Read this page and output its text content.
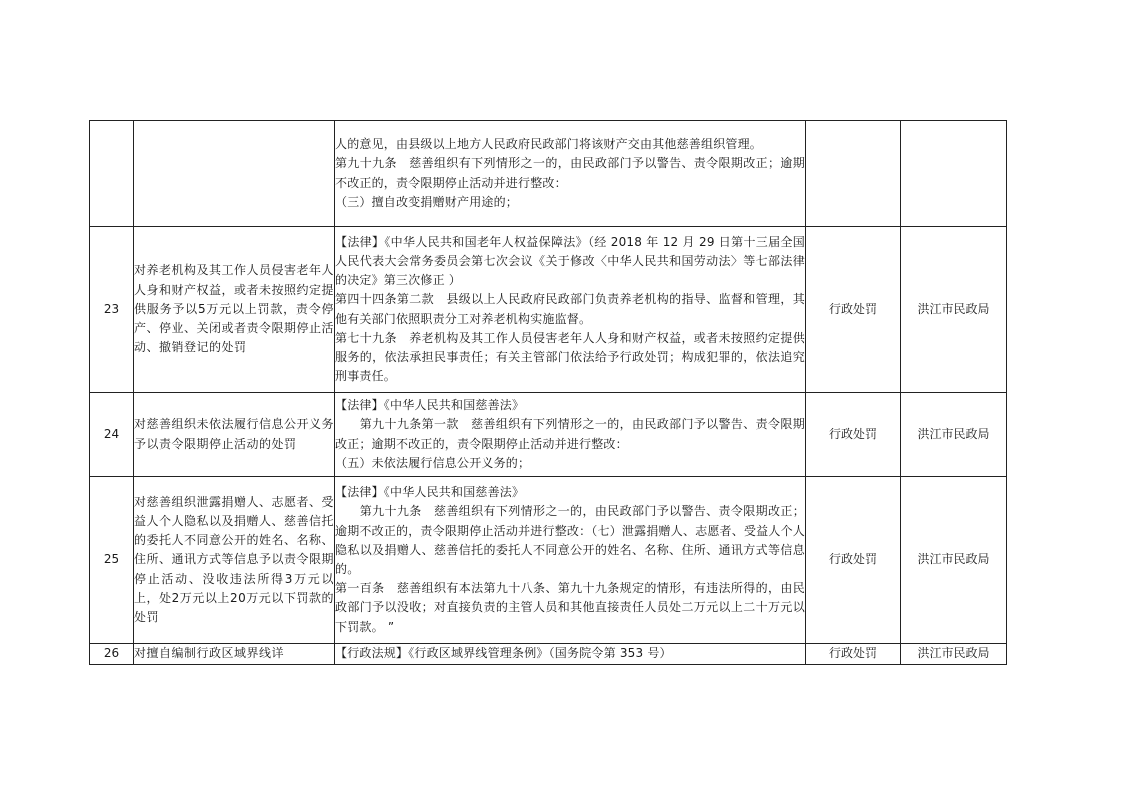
		人的意见，由县级以上地方人民政府民政部门将该财产交由其他慈善组织管理。
第九十九条　慈善组织有下列情形之一的，由民政部门予以警告、责令限期改正；逾期不改正的，责令限期停止活动并进行整改：
（三）擅自改变捐赠财产用途的；		

23	对养老机构及其工作人员侵害老年人人身和财产权益，或者未按照约定提供服务予以5万元以上罚款，责令停产、停业、关闭或者责令限期停止活动、撤销登记的处罚	【法律】《中华人民共和国老年人权益保障法》（经 2018 年 12 月 29 日第十三届全国人民代表大会常务委员会第七次会议《关于修改〈中华人民共和国劳动法〉等七部法律的决定》第三次修正 ）
第四十四条第二款　县级以上人民政府民政部门负责养老机构的指导、监督和管理，其他有关部门依照职责分工对养老机构实施监督。
第七十九条　养老机构及其工作人员侵害老年人人身和财产权益，或者未按照约定提供服务的，依法承担民事责任；有关主管部门依法给予行政处罚；构成犯罪的，依法追究刑事责任。	行政处罚	洪江市民政局
24	对慈善组织未依法履行信息公开义务予以责令限期停止活动的处罚	【法律】《中华人民共和国慈善法》
　　第九十九条第一款　慈善组织有下列情形之一的，由民政部门予以警告、责令限期改正；逾期不改正的，责令限期停止活动并进行整改：
（五）未依法履行信息公开义务的；	行政处罚	洪江市民政局
25	对慈善组织泄露捐赠人、志愿者、受益人个人隐私以及捐赠人、慈善信托的委托人不同意公开的姓名、名称、住所、通讯方式等信息予以责令限期停止活动、没收违法所得3万元以上，处2万元以上20万元以下罚款的处罚	【法律】《中华人民共和国慈善法》
　　第九十九条　慈善组织有下列情形之一的，由民政部门予以警告、责令限期改正；逾期不改正的，责令限期停止活动并进行整改：（七）泄露捐赠人、志愿者、受益人个人隐私以及捐赠人、慈善信托的委托人不同意公开的姓名、名称、住所、通讯方式等信息的。
第一百条　慈善组织有本法第九十八条、第九十九条规定的情形，有违法所得的，由民政部门予以没收；对直接负责的主管人员和其他直接责任人员处二万元以上二十万元以下罚款。 ”	行政处罚	洪江市民政局
26	对擅自编制行政区域界线详	【行政法规】《行政区域界线管理条例》（国务院令第 353 号）	行政处罚	洪江市民政局
